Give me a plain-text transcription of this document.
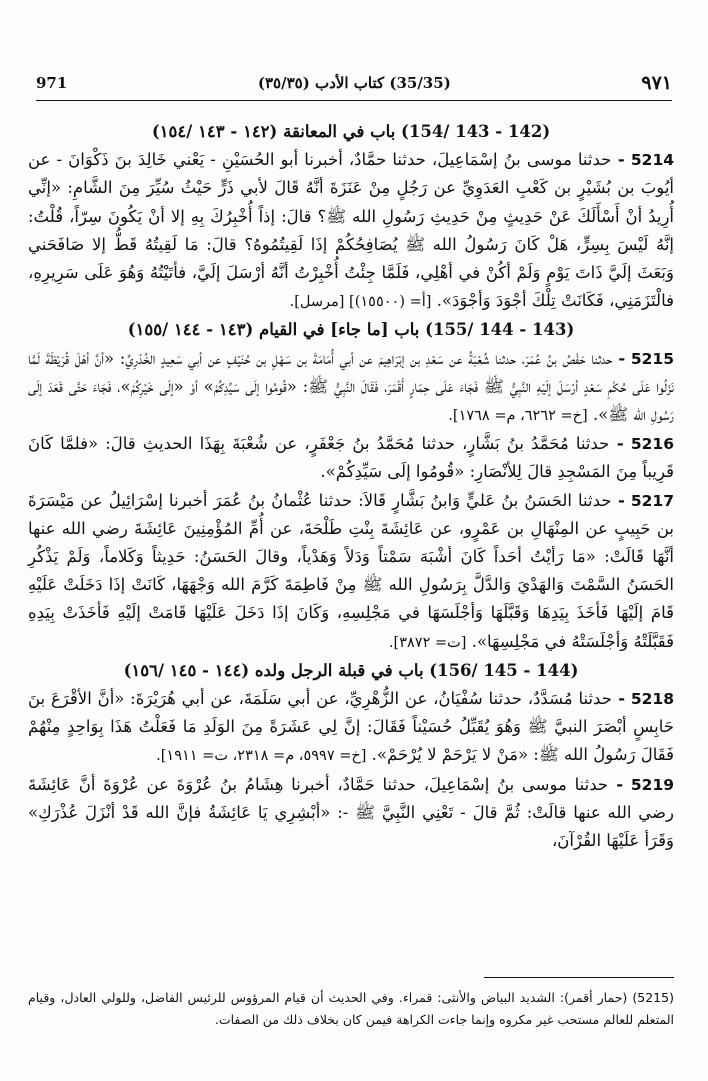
971	(35/35) كتاب الأدب (٣٥/٣٥)	٩٧١

(142 - 143 /154) باب في المعانقة (١٤٢ - ١٤٣ /١٥٤)

5214 - حدثنا موسى بنُ إسْمَاعِيلَ، حدثنا حمَّادٌ، أخبرنا أبو الحُسَيْنِ - يَعْني خَالِدَ بنَ ذَكْوَانَ - عن أيُوبَ بن بُشَيْرٍ بن كَعْبِ العَدَوِيِّ عن رَجُلٍ مِنْ عَنَزَةَ أنَّهُ قَالَ لأبي ذَرٍّ حَيْثُ سُيِّرَ مِنَ الشَّامِ: «إنِّي أُرِيدُ أنْ أَسْأَلَكَ عَنْ حَدِيثٍ مِنْ حَدِيثِ رَسُولِ الله ﷺ؟ قالَ: إذاً أُخْبِرُكَ بِهِ إلا أنْ يَكُونَ سِرّاً، قُلْتُ: إنَّهُ لَيْسَ بِسِرٍّ، هَلْ كَانَ رَسُولُ الله ﷺ يُصَافِحُكُمْ إذَا لَقِيتُمُوهُ؟ قالَ: مَا لَقِيتُهُ قَطُّ إلا صَافَحَني وَبَعَثَ إلَيَّ ذَاتَ يَوْمٍ وَلَمْ أكُنْ في أهْلِي، فَلَمَّا جِئْتُ أُخْبِرْتُ أنَّهُ أرْسَلَ إلَيَّ، فأتَيْتُهُ وَهُوَ عَلَى سَرِيرِهِ، فالْتَزَمَنِي، فَكَانَتْ تِلْكَ أجْوَدَ وَأجْوَدَ». [أ= (١٥٥٠٠)] [مرسل].

(143 - 144 /155) باب [ما جاء] في القيام (١٤٣ - ١٤٤ /١٥٥)

5215 - حدثنا حَفْصُ بنُ عُمَرَ، حدثنا شُعْبَةُ عن سَعْدِ بن إبْرَاهِيمَ عن أبي أُمَامَةَ بن سَهْلِ بن حُنَيْفٍ عن أبي سَعِيدٍ الخُدْرِيِّ: «أنَّ أهْلَ قُرَيْظَةَ لَمَّا نَزَلُوا عَلَى حُكْمِ سَعْدٍ أرْسَلَ إلَيْهِ النَّبِيُّ ﷺ فَجَاءَ عَلَى حِمَارٍ أَقْمَرَ، فَقَالَ النَّبِيُّ ﷺ: «قُومُوا إلَى سَيِّدِكُمْ» أوْ «إلَى خَيْرِكُمْ»، فَجَاءَ حَتَّى قَعَدَ إلَى رَسُولِ الله ﷺ». [خ= ٦٢٦٢، م= ١٧٦٨].

5216 - حدثنا مُحَمَّدُ بنُ بَشَّارٍ، حدثنا مُحَمَّدُ بنُ جَعْفَرٍ، عن شُعْبَةَ بِهَذَا الحديثِ قالَ: «فلمَّا كَانَ قَرِيباً مِنَ المَسْجِدِ قالَ لِلأنْصَارِ: «قُومُوا إلَى سَيِّدِكُمْ».

5217 - حدثنا الحَسَنُ بنُ عَليٍّ وَابنُ بَشَّارٍ قَالاَ: حدثنا عُثْمانُ بنُ عُمَرَ أخبرنا إسْرَائِيلُ عن مَيْسَرَةَ بن حَبِيبٍ عن المِنْهَالِ بن عَمْرٍو، عن عَائِشَةَ بِنْتِ طَلْحَةَ، عن أُمِّ المُؤْمِنِينَ عَائِشَةَ رضي الله عنها أنَّهَا قَالَتْ: «مَا رَأيْتُ أحَداً كَانَ أشْبَهَ سَمْتاً وَدَلاً وَهَدْياً، وقالَ الحَسَنُ: حَدِيثاً وَكَلاماً، وَلَمْ يَذْكُرِ الحَسَنُ السَّمْتَ وَالهَدْيَ وَالدَّلَّ بِرَسُولِ الله ﷺ مِنْ فَاطِمَةَ كَرَّمَ الله وَجْهَهَا، كَانَتْ إذَا دَخَلَتْ عَلَيْهِ قَامَ إلَيْهَا فَأخَذَ بِيَدِهَا وَقَبَّلَهَا وَأجْلَسَهَا في مَجْلِسِهِ، وَكَانَ إذَا دَخَلَ عَلَيْهَا قَامَتْ إلَيْهِ فَأخَذَتْ بِيَدِهِ فَقَبَّلَتْهُ وَأجْلَسَتْهُ في مَجْلِسِهَا». [ت= ٣٨٧٢].

(144 - 145 /156) باب في قبلة الرجل ولده (١٤٤ - ١٤٥ /١٥٦)

5218 - حدثنا مُسَدَّدٌ، حدثنا سُفْيَانُ، عن الزُّهْرِيِّ، عن أبي سَلَمَةَ، عن أبي هُرَيْرَةَ: «أنَّ الأقْرَعَ بنَ حَابِسٍ أبْصَرَ النبيَّ ﷺ وَهُوَ يُقَبِّلُ حُسَيْناً فَقَالَ: إنَّ لِي عَشَرَةً مِنَ الوَلَدِ مَا فَعَلْتُ هَذَا بِوَاحِدٍ مِنْهُمْ فَقَالَ رَسُولُ الله ﷺ: «مَنْ لا يَرْحَمْ لا يُرْحَمْ». [خ= ٥٩٩٧، م= ٢٣١٨، ت= ١٩١١].

5219 - حدثنا موسى بنُ إسْمَاعِيلَ، حدثنا حَمَّادٌ، أخبرنا هِشَامُ بنُ عُرْوَةَ عن عُرْوَةَ أنَّ عَائِشَةَ رضي الله عنها قالَتْ: ثُمَّ قالَ - تَعْنِي النَّبِيَّ ﷺ -: «أبْشِرِي يَا عَائِشَةُ فإنَّ الله قَدْ أنْزَلَ عُذْرَكِ» وَقَرَأ عَلَيْهَا القُرْآنَ،

(5215) (حمار أقمر): الشديد البياض والأنثى: قمراء. وفي الحديث أن قيام المرؤوس للرئيس الفاضل، وللولي العادل، وقيام المتعلم للعالم مستحب غير مكروه وإنما جاءت الكراهة فيمن كان بخلاف ذلك من الصفات.
